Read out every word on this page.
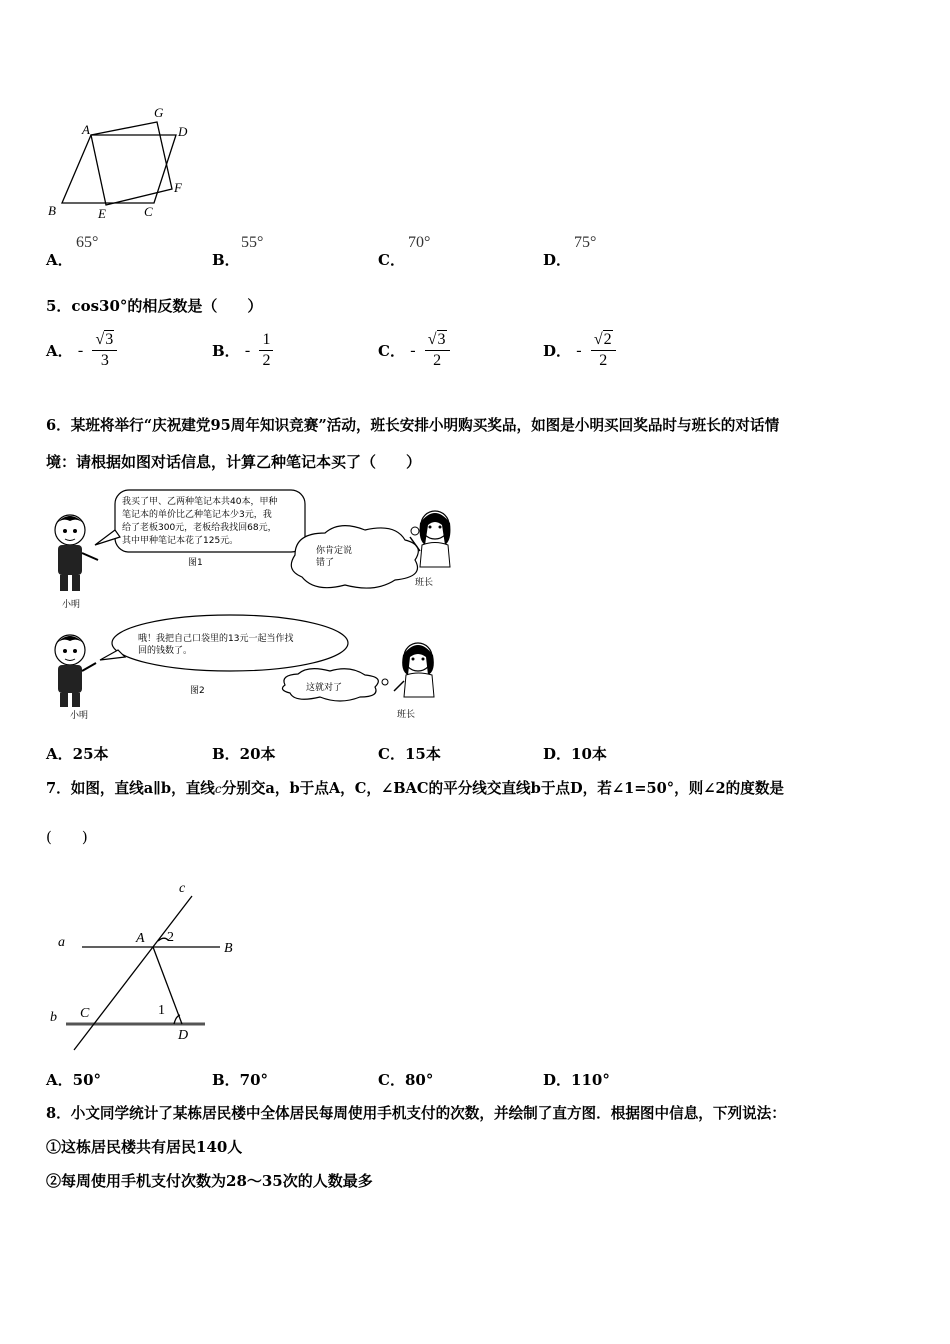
A
G
D
B	E	C
F
A．
65°
B．
55°
C．
70°
D．
75°
5．cos30°的相反数是（　　）
A． - $\frac{√3}{3}$	B． - $\frac{1}{2}$	C． - $\frac{√3}{2}$	D． - $\frac{√2}{2}$
6．某班将举行“庆祝建党95周年知识竞赛”活动，班长安排小明购买奖品，如图是小明买回奖品时与班长的对话情
境：请根据如图对话信息，计算乙种笔记本买了（　　）
小明
我买了甲、乙两种笔记本共40本，甲种
笔记本的单价比乙种笔记本少3元，我
给了老板300元，老板给我找回68元，
其中甲种笔记本花了125元。
图1
你肯定说
错了
班长
小明
哦！我把自己口袋里的13元一起当作找
回的钱数了。
图2	这就对了
班长
A．25本	B．20本	C．15本	D．10本
7．如图，直线a∥b，直线c分别交a，b于点A，C，∠BAC的平分线交直线b于点D，若∠1=50°，则∠2的度数是
(　　)
c
a	A 2
B
b C	1
D
A．50°	B．70°	C．80°	D．110°
8．小文同学统计了某栋居民楼中全体居民每周使用手机支付的次数，并绘制了直方图．根据图中信息，下列说法：
①这栋居民楼共有居民140人
②每周使用手机支付次数为28～35次的人数最多
